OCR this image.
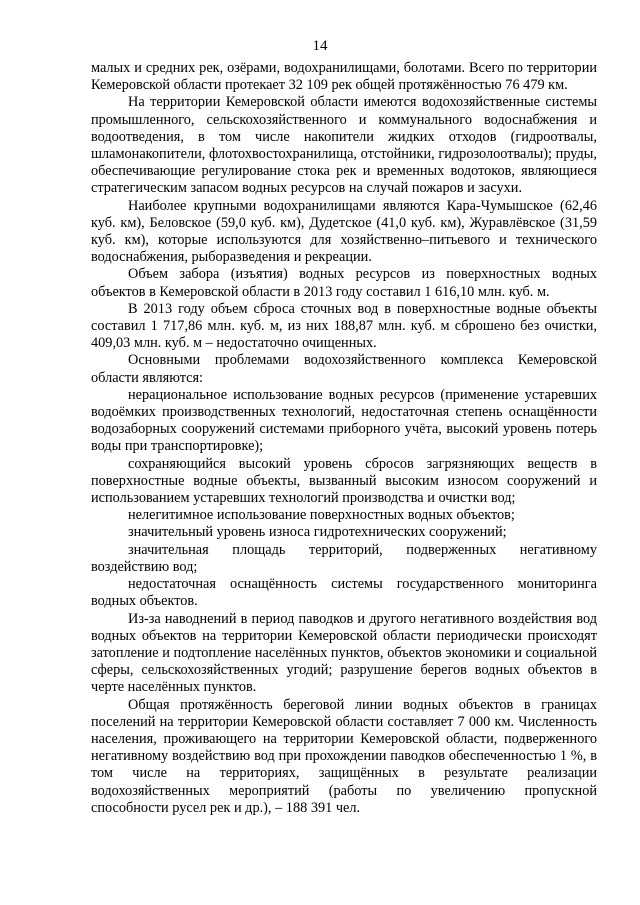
14

малых и средних рек, озёрами, водохранилищами, болотами. Всего по территории Кемеровской области протекает 32 109 рек общей протяжённостью 76 479 км.

На территории Кемеровской области имеются водохозяйственные системы промышленного, сельскохозяйственного и коммунального водоснабжения и водоотведения, в том числе накопители жидких отходов (гидроотвалы, шламонакопители, флотохвостохранилища, отстойники, гидрозолоотвалы); пруды, обеспечивающие регулирование стока рек и временных водотоков, являющиеся стратегическим запасом водных ресурсов на случай пожаров и засухи.

Наиболее крупными водохранилищами являются Кара-Чумышское (62,46 куб. км), Беловское (59,0 куб. км), Дудетское (41,0 куб. км), Журавлёвское (31,59 куб. км), которые используются для хозяйственно–питьевого и технического водоснабжения, рыборазведения и рекреации.

Объем забора (изъятия) водных ресурсов из поверхностных водных объектов в Кемеровской области в 2013 году составил 1 616,10 млн. куб. м.

В 2013 году объем сброса сточных вод в поверхностные водные объекты составил 1 717,86 млн. куб. м, из них 188,87 млн. куб. м сброшено без очистки, 409,03 млн. куб. м – недостаточно очищенных.

Основными проблемами водохозяйственного комплекса Кемеровской области являются:

нерациональное использование водных ресурсов (применение устаревших водоёмких производственных технологий, недостаточная степень оснащённости водозаборных сооружений системами приборного учёта, высокий уровень потерь воды при транспортировке);

сохраняющийся высокий уровень сбросов загрязняющих веществ в поверхностные водные объекты, вызванный высоким износом сооружений и использованием устаревших технологий производства и очистки вод;

нелегитимное использование поверхностных водных объектов;

значительный уровень износа гидротехнических сооружений;

значительная площадь территорий, подверженных негативному воздействию вод;

недостаточная оснащённость системы государственного мониторинга водных объектов.

Из-за наводнений в период паводков и другого негативного воздействия вод водных объектов на территории Кемеровской области периодически происходят затопление и подтопление населённых пунктов, объектов экономики и социальной сферы, сельскохозяйственных угодий; разрушение берегов водных объектов в черте населённых пунктов.

Общая протяжённость береговой линии водных объектов в границах поселений на территории Кемеровской области составляет 7 000 км. Численность населения, проживающего на территории Кемеровской области, подверженного негативному воздействию вод при прохождении паводков обеспеченностью 1 %, в том числе на территориях, защищённых в результате реализации водохозяйственных мероприятий (работы по увеличению пропускной способности русел рек и др.), – 188 391 чел.
